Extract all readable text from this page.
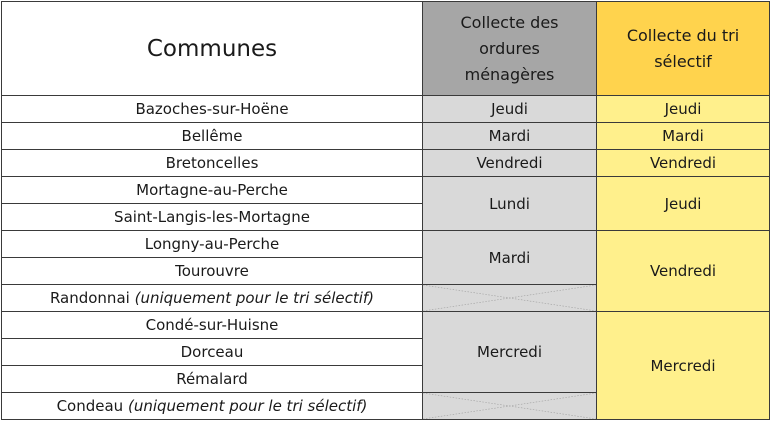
Communes	Collecte des ordures ménagères	Collecte du tri sélectif
Bazoches-sur-Hoëne	Jeudi	Jeudi
Bellême	Mardi	Mardi
Bretoncelles	Vendredi	Vendredi
Mortagne-au-Perche	Lundi	Jeudi
Saint-Langis-les-Mortagne		
Longny-au-Perche	Mardi	Vendredi
Tourouvre		
Randonnai (uniquement pour le tri sélectif)	

Condé-sur-Huisne	Mercredi	Mercredi
Dorceau		
Rémalard		
Condeau (uniquement pour le tri sélectif)	
